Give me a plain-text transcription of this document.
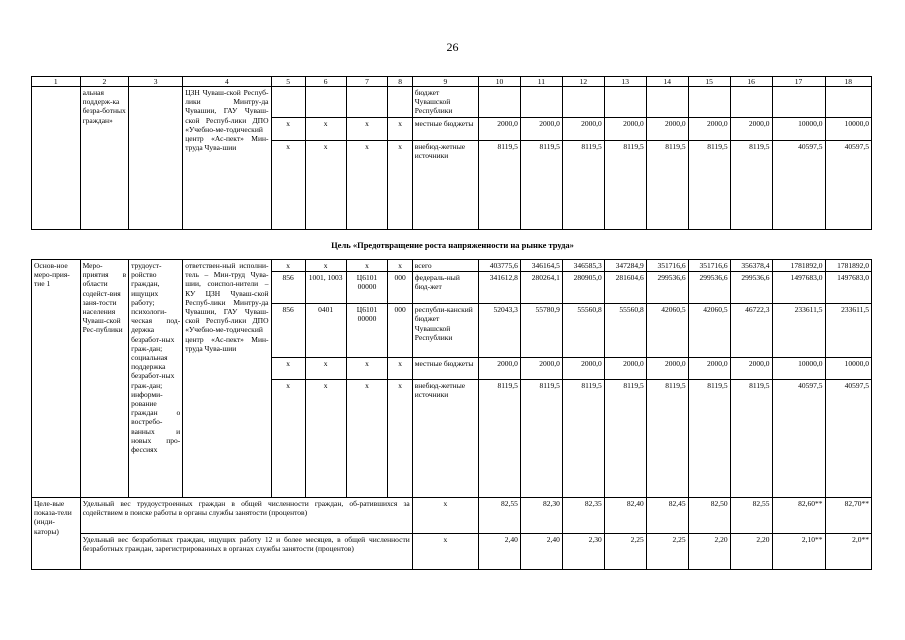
26
1	2	3	4	5	6	7	8	9	10	11	12	13	14	15	16	17	18
	альная поддерж-ка безра-ботных граждан»		ЦЗН Чуваш-ской Респуб-лики Минтру-да Чувашии, ГАУ Чуваш-ской Респуб-лики ДПО «Учебно-ме-тодический центр «Ас-пект» Мин-труда Чува-шии					бюджет Чувашской Республики									
				x	x	x	x	местные бюджеты	2000,0	2000,0	2000,0	2000,0	2000,0	2000,0	2000,0	10000,0	10000,0
				x	x	x	x	внебюд-жетные источники	8119,5	8119,5	8119,5	8119,5	8119,5	8119,5	8119,5	40597,5	40597,5
Цель «Предотвращение роста напряженности на рынке труда»
Основ-ное меро-прия-тие 1	Меро-приятия в области содейст-вия заня-тости населения Чуваш-ской Рес-публики	трудоуст-ройство граждан, ищущих работу; психологи-ческая под-держка безработ-ных граж-дан; социальная поддержка безработ-ных граж-дан; информи-рование граждан о востребо-ванных и новых про-фессиях	ответствен-ный исполни-тель – Мин-труд Чува-шии, соиспол-нители – КУ ЦЗН Чуваш-ской Респуб-лики Минтру-да Чувашии, ГАУ Чуваш-ской Респуб-лики ДПО «Учебно-ме-тодический центр «Ас-пект» Мин-труда Чува-шии	x	x	x	x	всего	403775,6	346164,5	346585,3	347284,9	351716,6	351716,6	356378,4	1781892,0	1781892,0
				856	1001, 1003	Ц6101 00000	000	федераль-ный бюд-жет	341612,8	280264,1	280905,0	281604,6	299536,6	299536,6	299536,6	1497683,0	1497683,0
				856	0401	Ц6101 00000	000	республи-канский бюджет Чувашской Республики	52043,3	55780,9	55560,8	55560,8	42060,5	42060,5	46722,3	233611,5	233611,5
				x	x	x	x	местные бюджеты	2000,0	2000,0	2000,0	2000,0	2000,0	2000,0	2000,0	10000,0	10000,0
				x	x	x	x	внебюд-жетные источники	8119,5	8119,5	8119,5	8119,5	8119,5	8119,5	8119,5	40597,5	40597,5
Целе-вые показа-тели (инди-каторы)	Удельный вес трудоустроенных граждан в общей численности граждан, об-ратившихся за содействием в поиске работы в органы службы занятости (процентов)							x	82,55	82,30	82,35	82,40	82,45	82,50	82,55	82,60**	82,70**
	Удельный вес безработных граждан, ищущих работу 12 и более месяцев, в общей численности безработных граждан, зарегистрированных в органах службы занятости (процентов)							x	2,40	2,40	2,30	2,25	2,25	2,20	2,20	2,10**	2,0**
